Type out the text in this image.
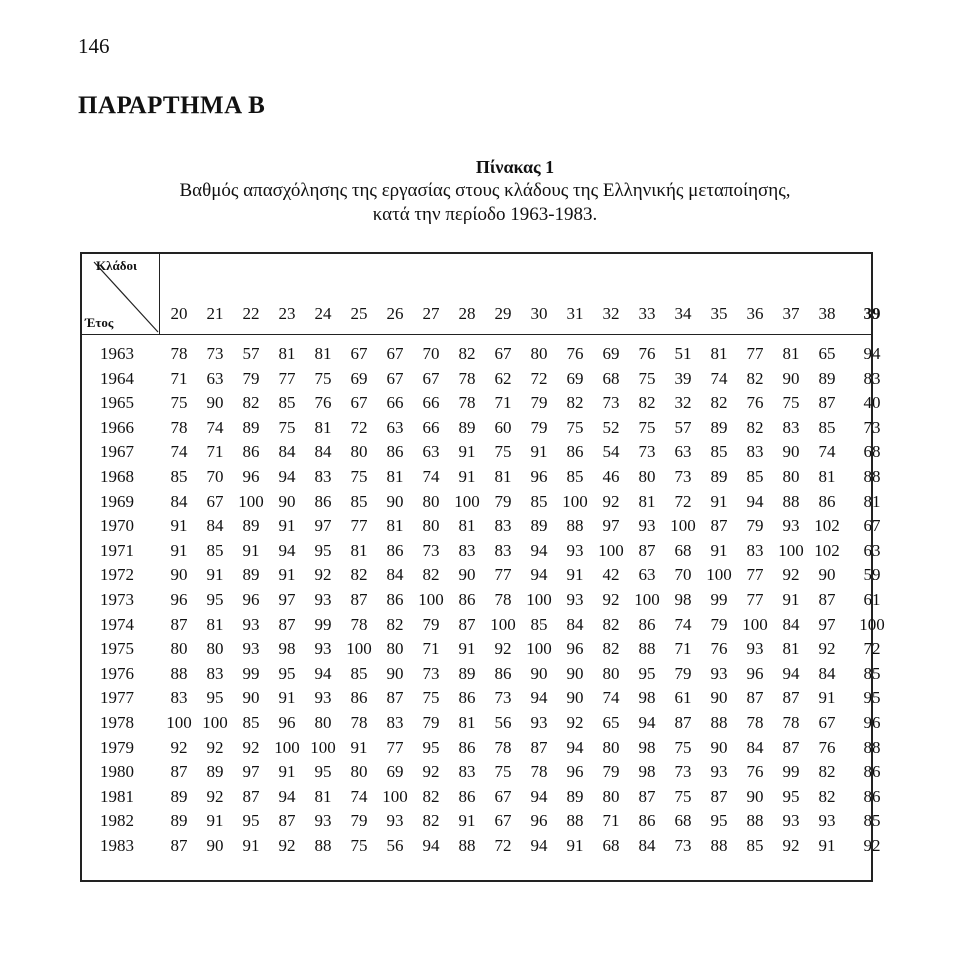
146
ΠΑΡΑΡΤΗΜΑ Β
Πίνακας 1
Βαθμός απασχόλησης της εργασίας στους κλάδους της Ελληνικής μεταποίησης,
κατά την περίοδο 1963-1983.
Κλάδοι
Έτος	20	21	22	23	24	25	26	27	28	29	30	31	32	33	34	35	36	37	38	39
1963	78	73	57	81	81	67	67	70	82	67	80	76	69	76	51	81	77	81	65	94
1964	71	63	79	77	75	69	67	67	78	62	72	69	68	75	39	74	82	90	89	83
1965	75	90	82	85	76	67	66	66	78	71	79	82	73	82	32	82	76	75	87	40
1966	78	74	89	75	81	72	63	66	89	60	79	75	52	75	57	89	82	83	85	73
1967	74	71	86	84	84	80	86	63	91	75	91	86	54	73	63	85	83	90	74	68
1968	85	70	96	94	83	75	81	74	91	81	96	85	46	80	73	89	85	80	81	88
1969	84	67 100 90	86	85	90	80 100 79	85 100 92	81	72	91	94	88	86	81
1970	91	84	89	91	97	77	81	80	81	83	89	88	97	93 100 87	79	93 102	67
1971	91	85	91	94	95	81	86	73	83	83	94	93 100 87	68	91	83 100 102	63
1972	90	91	89	91	92	82	84	82	90	77	94	91	42	63	70 100 77	92	90	59
1973	96	95	96	97	93	87	86 100 86	78 100 93	92 100 98	99	77	91	87	61
1974	87	81	93	87	99	78	82	79	87 100 85	84	82	86	74	79 100 84	97	100
1975	80	80	93	98	93 100 80	71	91	92 100 96	82	88	71	76	93	81	92	72
1976	88	83	99	95	94	85	90	73	89	86	90	90	80	95	79	93	96	94	84	85
1977	83	95	90	91	93	86	87	75	86	73	94	90	74	98	61	90	87	87	91	95
1978	100 100 85	96	80	78	83	79	81	56	93	92	65	94	87	88	78	78	67	96
1979	92	92	92 100 100 91	77	95	86	78	87	94	80	98	75	90	84	87	76	88
1980	87	89	97	91	95	80	69	92	83	75	78	96	79	98	73	93	76	99	82	86
1981	89	92	87	94	81	74 100 82	86	67	94	89	80	87	75	87	90	95	82	86
1982	89	91	95	87	93	79	93	82	91	67	96	88	71	86	68	95	88	93	93	85
1983	87	90	91	92	88	75	56	94	88	72	94	91	68	84	73	88	85	92	91	92
